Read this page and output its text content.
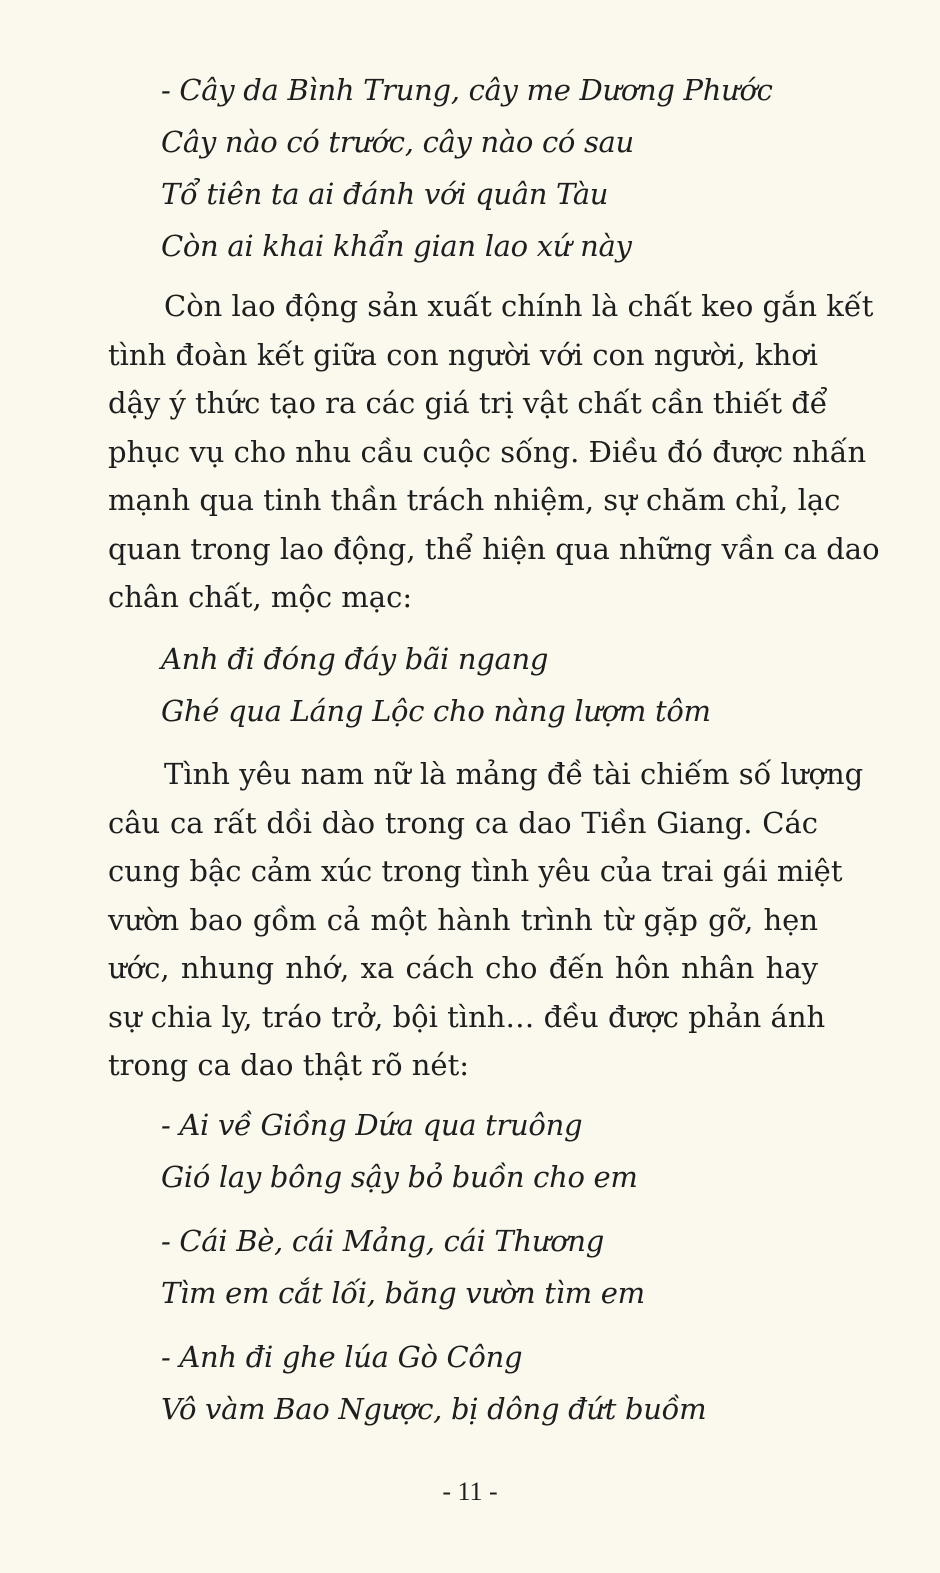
- Cây da Bình Trung, cây me Dương Phước

Cây nào có trước, cây nào có sau

Tổ tiên ta ai đánh với quân Tàu

Còn ai khai khẩn gian lao xứ này

Còn lao động sản xuất chính là chất keo gắn kết
tình đoàn kết giữa con người với con người, khơi
dậy ý thức tạo ra các giá trị vật chất cần thiết để
phục vụ cho nhu cầu cuộc sống. Điều đó được nhấn
mạnh qua tinh thần trách nhiệm, sự chăm chỉ, lạc
quan trong lao động, thể hiện qua những vần ca dao
chân chất, mộc mạc:

Anh đi đóng đáy bãi ngang

Ghé qua Láng Lộc cho nàng lượm tôm

Tình yêu nam nữ là mảng đề tài chiếm số lượng
câu ca rất dồi dào trong ca dao Tiền Giang. Các
cung bậc cảm xúc trong tình yêu của trai gái miệt
vườn bao gồm cả một hành trình từ gặp gỡ, hẹn
ước, nhung nhớ, xa cách cho đến hôn nhân hay
sự chia ly, tráo trở, bội tình… đều được phản ánh
trong ca dao thật rõ nét:

- Ai về Giồng Dứa qua truông

Gió lay bông sậy bỏ buồn cho em

- Cái Bè, cái Mảng, cái Thương

Tìm em cắt lối, băng vườn tìm em

- Anh đi ghe lúa Gò Công

Vô vàm Bao Ngược, bị dông đứt buồm

- 11 -
